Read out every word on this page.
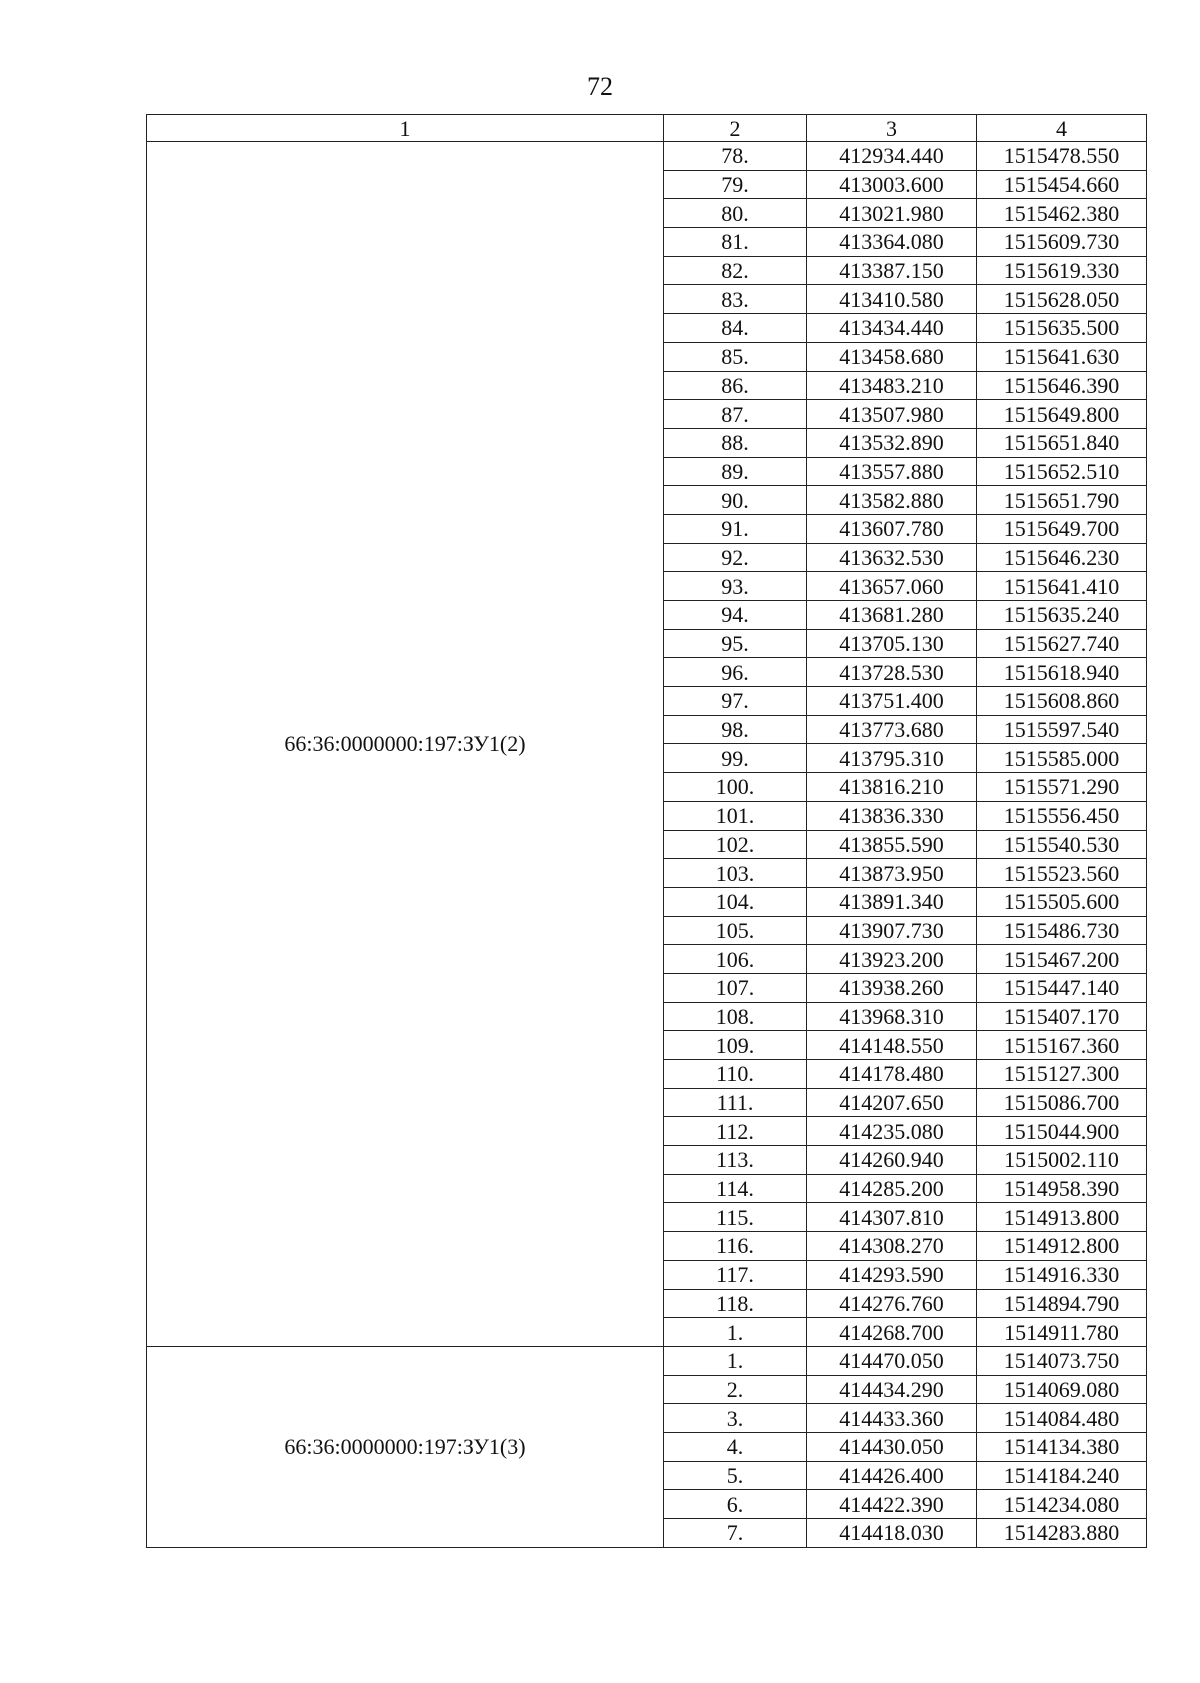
72
1	2	3	4
66:36:0000000:197:ЗУ1(2)	78.	412934.440	1515478.550
	79.	413003.600	1515454.660
	80.	413021.980	1515462.380
	81.	413364.080	1515609.730
	82.	413387.150	1515619.330
	83.	413410.580	1515628.050
	84.	413434.440	1515635.500
	85.	413458.680	1515641.630
	86.	413483.210	1515646.390
	87.	413507.980	1515649.800
	88.	413532.890	1515651.840
	89.	413557.880	1515652.510
	90.	413582.880	1515651.790
	91.	413607.780	1515649.700
	92.	413632.530	1515646.230
	93.	413657.060	1515641.410
	94.	413681.280	1515635.240
	95.	413705.130	1515627.740
	96.	413728.530	1515618.940
	97.	413751.400	1515608.860
	98.	413773.680	1515597.540
	99.	413795.310	1515585.000
	100.	413816.210	1515571.290
	101.	413836.330	1515556.450
	102.	413855.590	1515540.530
	103.	413873.950	1515523.560
	104.	413891.340	1515505.600
	105.	413907.730	1515486.730
	106.	413923.200	1515467.200
	107.	413938.260	1515447.140
	108.	413968.310	1515407.170
	109.	414148.550	1515167.360
	110.	414178.480	1515127.300
	111.	414207.650	1515086.700
	112.	414235.080	1515044.900
	113.	414260.940	1515002.110
	114.	414285.200	1514958.390
	115.	414307.810	1514913.800
	116.	414308.270	1514912.800
	117.	414293.590	1514916.330
	118.	414276.760	1514894.790
	1.	414268.700	1514911.780
66:36:0000000:197:ЗУ1(3)	1.	414470.050	1514073.750
	2.	414434.290	1514069.080
	3.	414433.360	1514084.480
	4.	414430.050	1514134.380
	5.	414426.400	1514184.240
	6.	414422.390	1514234.080
	7.	414418.030	1514283.880
